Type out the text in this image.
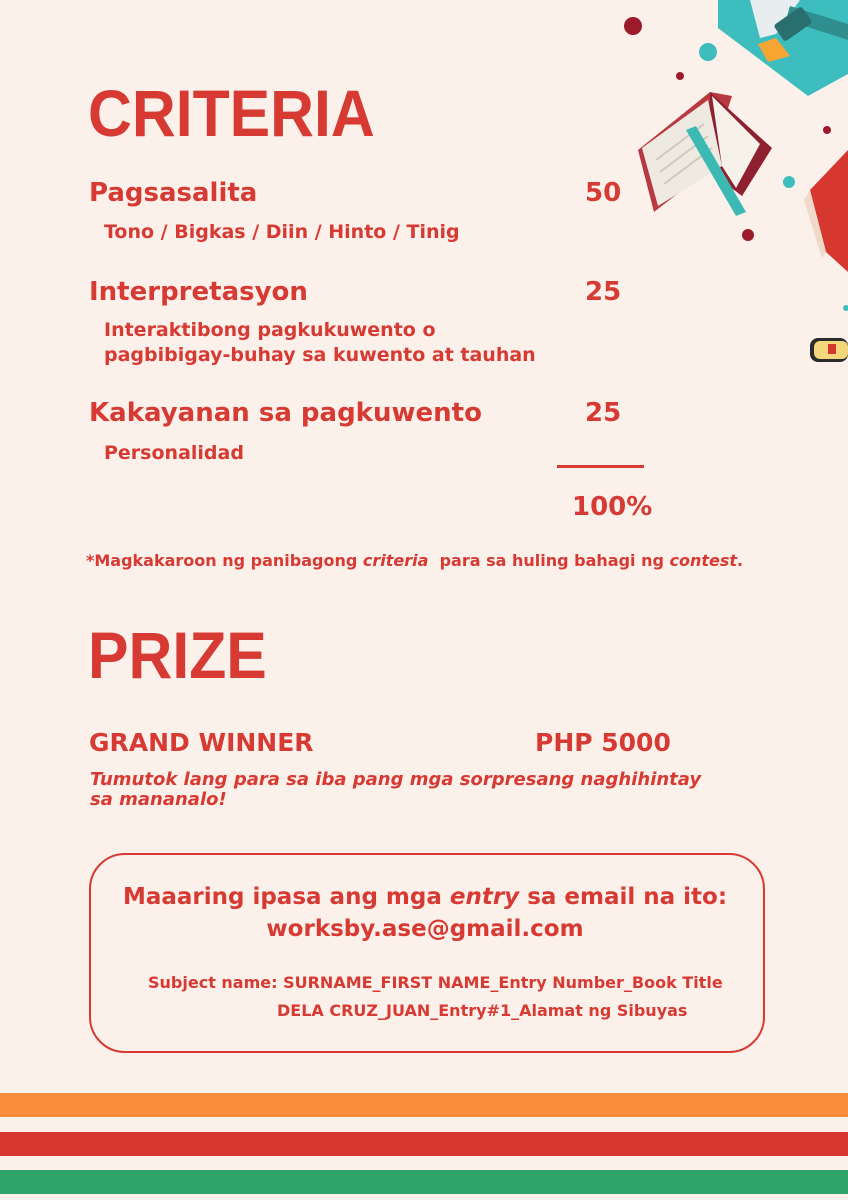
CRITERIA
Pagsasalita	50
Tono / Bigkas / Diin / Hinto / Tinig
Interpretasyon	25
Interaktibong pagkukuwento o
pagbibigay-buhay sa kuwento at tauhan
Kakayanan sa pagkuwento	25
Personalidad
100%
*Magkakaroon ng panibagong criteria  para sa huling bahagi ng contest.
PRIZE
GRAND WINNER	PHP 5000
Tumutok lang para sa iba pang mga sorpresang naghihintay
sa mananalo!
Maaaring ipasa ang mga entry sa email na ito:
worksby.ase@gmail.com
Subject name: SURNAME_FIRST NAME_Entry Number_Book Title
DELA CRUZ_JUAN_Entry#1_Alamat ng Sibuyas
